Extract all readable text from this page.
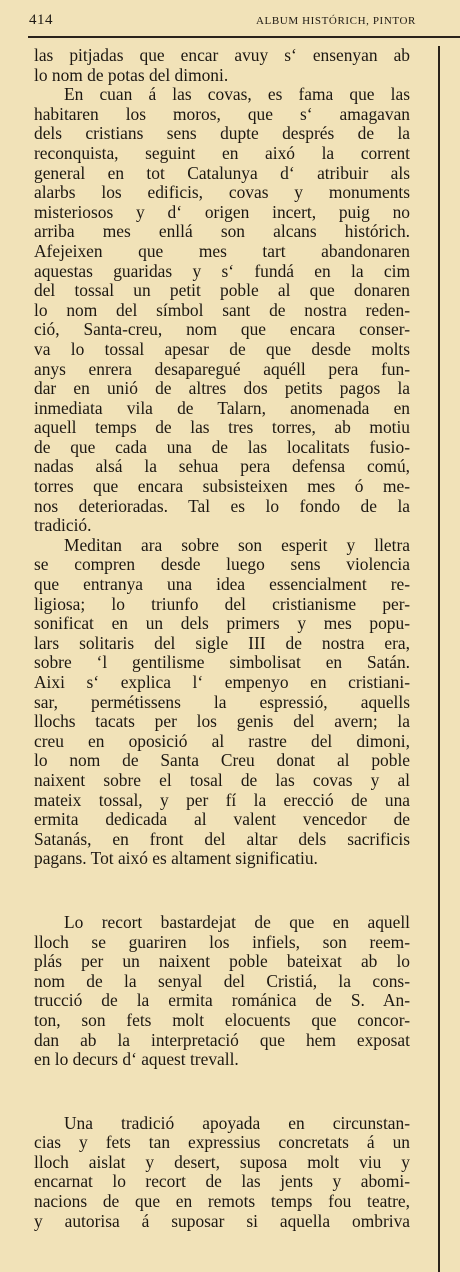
414	ALBUM HISTÓRICH, PINTOR
las pitjadas que encar avuy s‘ ensenyan ab
lo nom de potas del dimoni.
En cuan á las covas, es fama que las
habitaren los moros, que s‘ amagavan
dels cristians sens dupte després de la
reconquista, seguint en aixó la corrent
general en tot Catalunya d‘ atribuir als
alarbs los edificis, covas y monuments
misteriosos y d‘ origen incert, puig no
arriba mes enllá son alcans histórich.
Afejeixen que mes tart abandonaren
aquestas guaridas y s‘ fundá en la cim
del tossal un petit poble al que donaren
lo nom del símbol sant de nostra reden-
ció, Santa-creu, nom que encara conser-
va lo tossal apesar de que desde molts
anys enrera desaparegué aquéll pera fun-
dar en unió de altres dos petits pagos la
inmediata vila de Talarn, anomenada en
aquell temps de las tres torres, ab motiu
de que cada una de las localitats fusio-
nadas alsá la sehua pera defensa comú,
torres que encara subsisteixen mes ó me-
nos deterioradas. Tal es lo fondo de la
tradició.
Meditan ara sobre son esperit y lletra
se compren desde luego sens violencia
que entranya una idea essencialment re-
ligiosa; lo triunfo del cristianisme per-
sonificat en un dels primers y mes popu-
lars solitaris del sigle III de nostra era,
sobre ‘l gentilisme simbolisat en Satán.
Aixi s‘ explica l‘ empenyo en cristiani-
sar, permétissens la espressió, aquells
llochs tacats per los genis del avern; la
creu en oposició al rastre del dimoni,
lo nom de Santa Creu donat al poble
naixent sobre el tosal de las covas y al
mateix tossal, y per fí la erecció de una
ermita dedicada al valent vencedor de
Satanás, en front del altar dels sacrificis
pagans. Tot aixó es altament significatiu.
Lo recort bastardejat de que en aquell
lloch se guariren los infiels, son reem-
plás per un naixent poble bateixat ab lo
nom de la senyal del Cristiá, la cons-
trucció de la ermita románica de S. An-
ton, son fets molt elocuents que concor-
dan ab la interpretació que hem exposat
en lo decurs d‘ aquest trevall.
Una tradició apoyada en circunstan-
cias y fets tan expressius concretats á un
lloch aislat y desert, suposa molt viu y
encarnat lo recort de las jents y abomi-
nacions de que en remots temps fou teatre,
y autorisa á suposar si aquella ombriva
